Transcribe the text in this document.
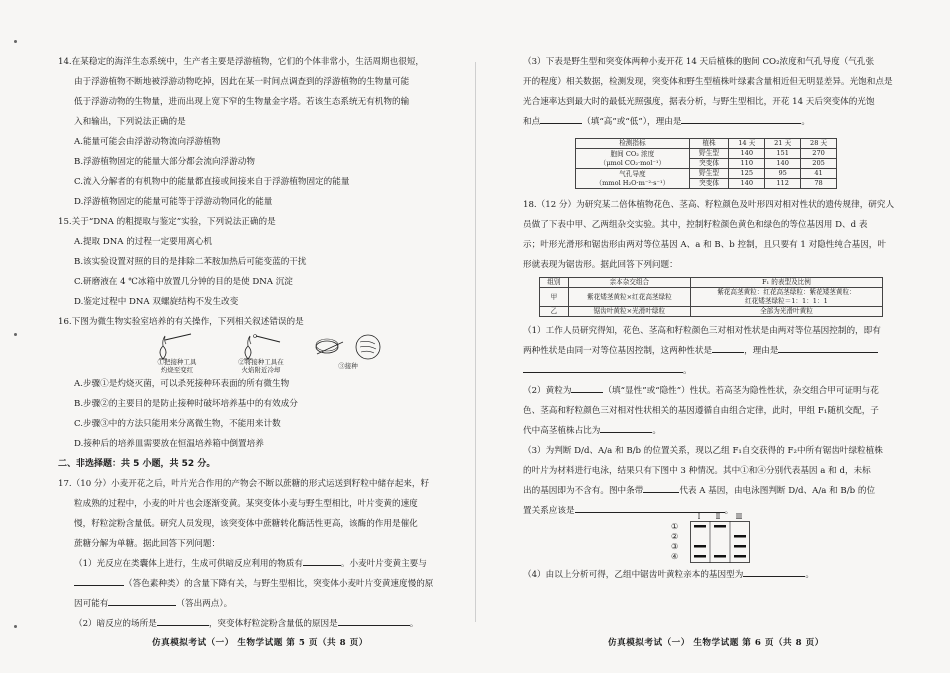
14.在某稳定的海洋生态系统中，生产者主要是浮游植物，它们的个体非常小，生活周期也很短，
由于浮游植物不断地被浮游动物吃掉，因此在某一时间点调查到的浮游植物的生物量可能
低于浮游动物的生物量，进而出现上宽下窄的生物量金字塔。若该生态系统无有机物的输
入和输出，下列说法正确的是
A.能量可能会由浮游动物流向浮游植物
B.浮游植物固定的能量大部分都会流向浮游动物
C.流入分解者的有机物中的能量都直接或间接来自于浮游植物固定的能量
D.浮游植物固定的能量可能等于浮游动物同化的能量
15.关于“DNA 的粗提取与鉴定”实验，下列说法正确的是
A.提取 DNA 的过程一定要用离心机
B.该实验设置对照的目的是排除二苯胺加热后可能变蓝的干扰
C.研磨液在 4 ℃冰箱中放置几分钟的目的是使 DNA 沉淀
D.鉴定过程中 DNA 双螺旋结构不发生改变
16.下图为微生物实验室培养的有关操作，下列相关叙述错误的是
①把接种工具
灼烧至变红
②将接种工具在
火焰附近冷却	③接种
A.步骤①是灼烧灭菌，可以杀死接种环表面的所有微生物
B.步骤②的主要目的是防止接种时破坏培养基中的有效成分
C.步骤③中的方法只能用来分离微生物，不能用来计数
D.接种后的培养皿需要放在恒温培养箱中倒置培养
二、非选择题：共 5 小题，共 52 分。
17.（10 分）小麦开花之后，叶片光合作用的产物会不断以蔗糖的形式运送到籽粒中储存起来，籽
粒成熟的过程中，小麦的叶片也会逐渐变黄。某突变体小麦与野生型相比，叶片变黄的速度
慢，籽粒淀粉含量低。研究人员发现，该突变体中蔗糖转化酶活性更高，该酶的作用是催化
蔗糖分解为单糖。据此回答下列问题：
（1）光反应在类囊体上进行，生成可供暗反应利用的物质有	。小麦叶片变黄主要与
（答色素种类）的含量下降有关，与野生型相比，突变体小麦叶片变黄速度慢的原
因可能有	（答出两点）。
（2）暗反应的场所是	，突变体籽粒淀粉含量低的原因是	。
仿真模拟考试（一） 生物学试题 第 5 页（共 8 页）
（3）下表是野生型和突变体两种小麦开花 14 天后植株的胞间 CO₂浓度和气孔导度（气孔张
开的程度）相关数据，检测发现，突变体和野生型植株叶绿素含量相近但无明显差异。光饱和点是
光合速率达到最大时的最低光照强度，据表分析，与野生型相比，开花 14 天后突变体的光饱
和点	（填“高”或“低”），理由是	。
检测指标	植株	14 天	21 天	28 天

胞间 CO₂ 浓度
（μmol CO₂·mol⁻¹）	野生型	140	151	270
	突变体	110	140	205

气孔导度
（mmol H₂O·m⁻²·s⁻¹）	野生型	125	95	41
	突变体	140	112	78
18.（12 分）为研究某二倍体植物花色、茎高、籽粒颜色及叶形四对相对性状的遗传规律，研究人
员做了下表中甲、乙两组杂交实验。其中，控制籽粒颜色黄色和绿色的等位基因用 D、d 表
示；叶形光滑形和锯齿形由两对等位基因 A、a 和 B、b 控制，且只要有 1 对隐性纯合基因，叶
形就表现为锯齿形。据此回答下列问题：
组别	亲本杂交组合	F₁ 的表型及比例
甲	紫花矮茎黄粒×红花高茎绿粒	紫花高茎黄粒：红花高茎绿粒：紫花矮茎黄粒：
红花矮茎绿粒＝1：1：1：1

乙	锯齿叶黄粒×光滑叶绿粒	全部为光滑叶黄粒
（1）工作人员研究得知，花色、茎高和籽粒颜色三对相对性状是由两对等位基因控制的，即有
两种性状是由同一对等位基因控制，这两种性状是	，理由是
。
（2）黄粒为	（填“显性”或“隐性”）性状。若高茎为隐性性状，杂交组合甲可证明与花
色、茎高和籽粒颜色三对相对性状相关的基因遵循自由组合定律，此时，甲组 F₁随机交配，子
代中高茎植株占比为	。
（3）为判断 D/d、A/a 和 B/b 的位置关系，现以乙组 F₁自交获得的 F₂中所有锯齿叶绿粒植株
的叶片为材料进行电泳，结果只有下图中 3 种情况。其中①和④分别代表基因 a 和 d，未标
出的基因即为不含有。图中条带	代表 A 基因，由电泳图判断 D/d、A/a 和 B/b 的位
置关系应该是	。
Ⅰ Ⅱ Ⅲ
①
②
③
④
（4）由以上分析可得，乙组中锯齿叶黄粒亲本的基因型为	。
仿真模拟考试（一） 生物学试题 第 6 页（共 8 页）
